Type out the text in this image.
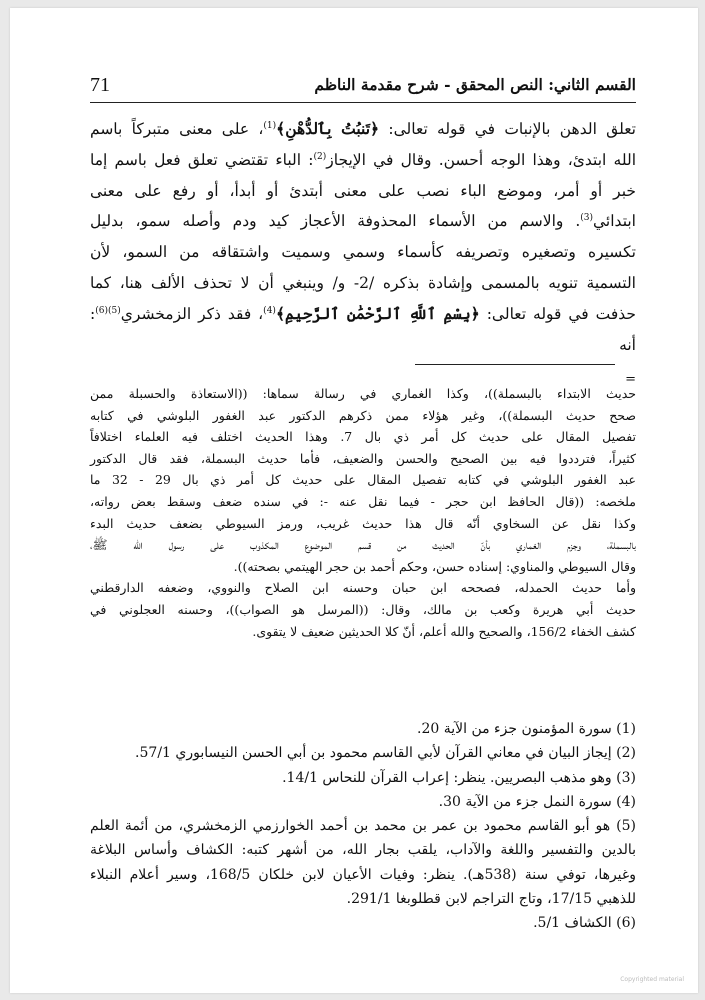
71	القسم الثاني: النص المحقق - شرح مقدمة الناظم

تعلق الدهن بالإنبات في قوله تعالى: ﴿تَنبُتُ بِٱلدُّهْنِ﴾$^{(1)}$، على معنى متبركاً باسم

الله ابتدئ، وهذا الوجه أحسن. وقال في الإيجاز$^{(2)}$: الباء تقتضي تعلق فعل باسم إما

خبر أو أمر، وموضع الباء نصب على معنى أبتدئ أو أبدأ، أو رفع على معنى

ابتدائي$^{(3)}$. والاسم من الأسماء المحذوفة الأعجاز كيد ودم وأصله سمو، بدليل

تكسيره وتصغيره وتصريفه كأسماء وسمي وسميت واشتقاقه من السمو، لأن

التسمية تنويه بالمسمى وإشادة بذكره /2- و/ وينبغي أن لا تحذف الألف هنا، كما

حذفت في قوله تعالى: ﴿بِسْمِ ٱللَّهِ ٱلرَّحْمَٰنِ ٱلرَّحِيمِ﴾$^{(4)}$، فقد ذكر الزمخشري$^{(5)(6)}$: أنه

=

حديث الابتداء بالبسملة))، وكذا الغماري في رسالة سماها: ((الاستعاذة والحسبلة ممن

صحح حديث البسملة))، وغير هؤلاء ممن ذكرهم الدكتور عبد الغفور البلوشي في كتابه

تفصيل المقال على حديث كل أمر ذي بال 7. وهذا الحديث اختلف فيه العلماء اختلافاً

كثيراً، فترددوا فيه بين الصحيح والحسن والضعيف، فأما حديث البسملة، فقد قال الدكتور

عبد الغفور البلوشي في كتابه تفصيل المقال على حديث كل أمر ذي بال 29 - 32 ما

ملخصه: ((قال الحافظ ابن حجر - فيما نقل عنه -: في سنده ضعف وسقط بعض رواته،

وكذا نقل عن السخاوي أنّه قال هذا حديث غريب، ورمز السيوطي بضعف حديث البدء

بالبسملة، وجزم الغماري بأنّ الحديث من قسم الموضوع المكذوب على رسول الله ﷺ،

وقال السيوطي والمناوي: إسناده حسن، وحكم أحمد بن حجر الهيتمي بصحته)).

وأما حديث الحمدله، فصححه ابن حبان وحسنه ابن الصلاح والنووي، وضعفه الدارقطني

حديث أبي هريرة وكعب بن مالك، وقال: ((المرسل هو الصواب))، وحسنه العجلوني في

كشف الخفاء 156/2، والصحيح والله أعلم، أنّ كلا الحديثين ضعيف لا يتقوى.

(1) سورة المؤمنون جزء من الآية 20.

(2) إيجاز البيان في معاني القرآن لأبي القاسم محمود بن أبي الحسن النيسابوري 57/1.

(3) وهو مذهب البصريين. ينظر: إعراب القرآن للنحاس 14/1.

(4) سورة النمل جزء من الآية 30.

(5) هو أبو القاسم محمود بن عمر بن محمد بن أحمد الخوارزمي الزمخشري، من أئمة العلم

بالدين والتفسير واللغة والآداب، يلقب بجار الله، من أشهر كتبه: الكشاف وأساس البلاغة

وغيرها، توفي سنة (538هـ). ينظر: وفيات الأعيان لابن خلكان 168/5، وسير أعلام النبلاء

للذهبي 17/15، وتاج التراجم لابن قطلوبغا 291/1.

(6) الكشاف 5/1.

Copyrighted material
